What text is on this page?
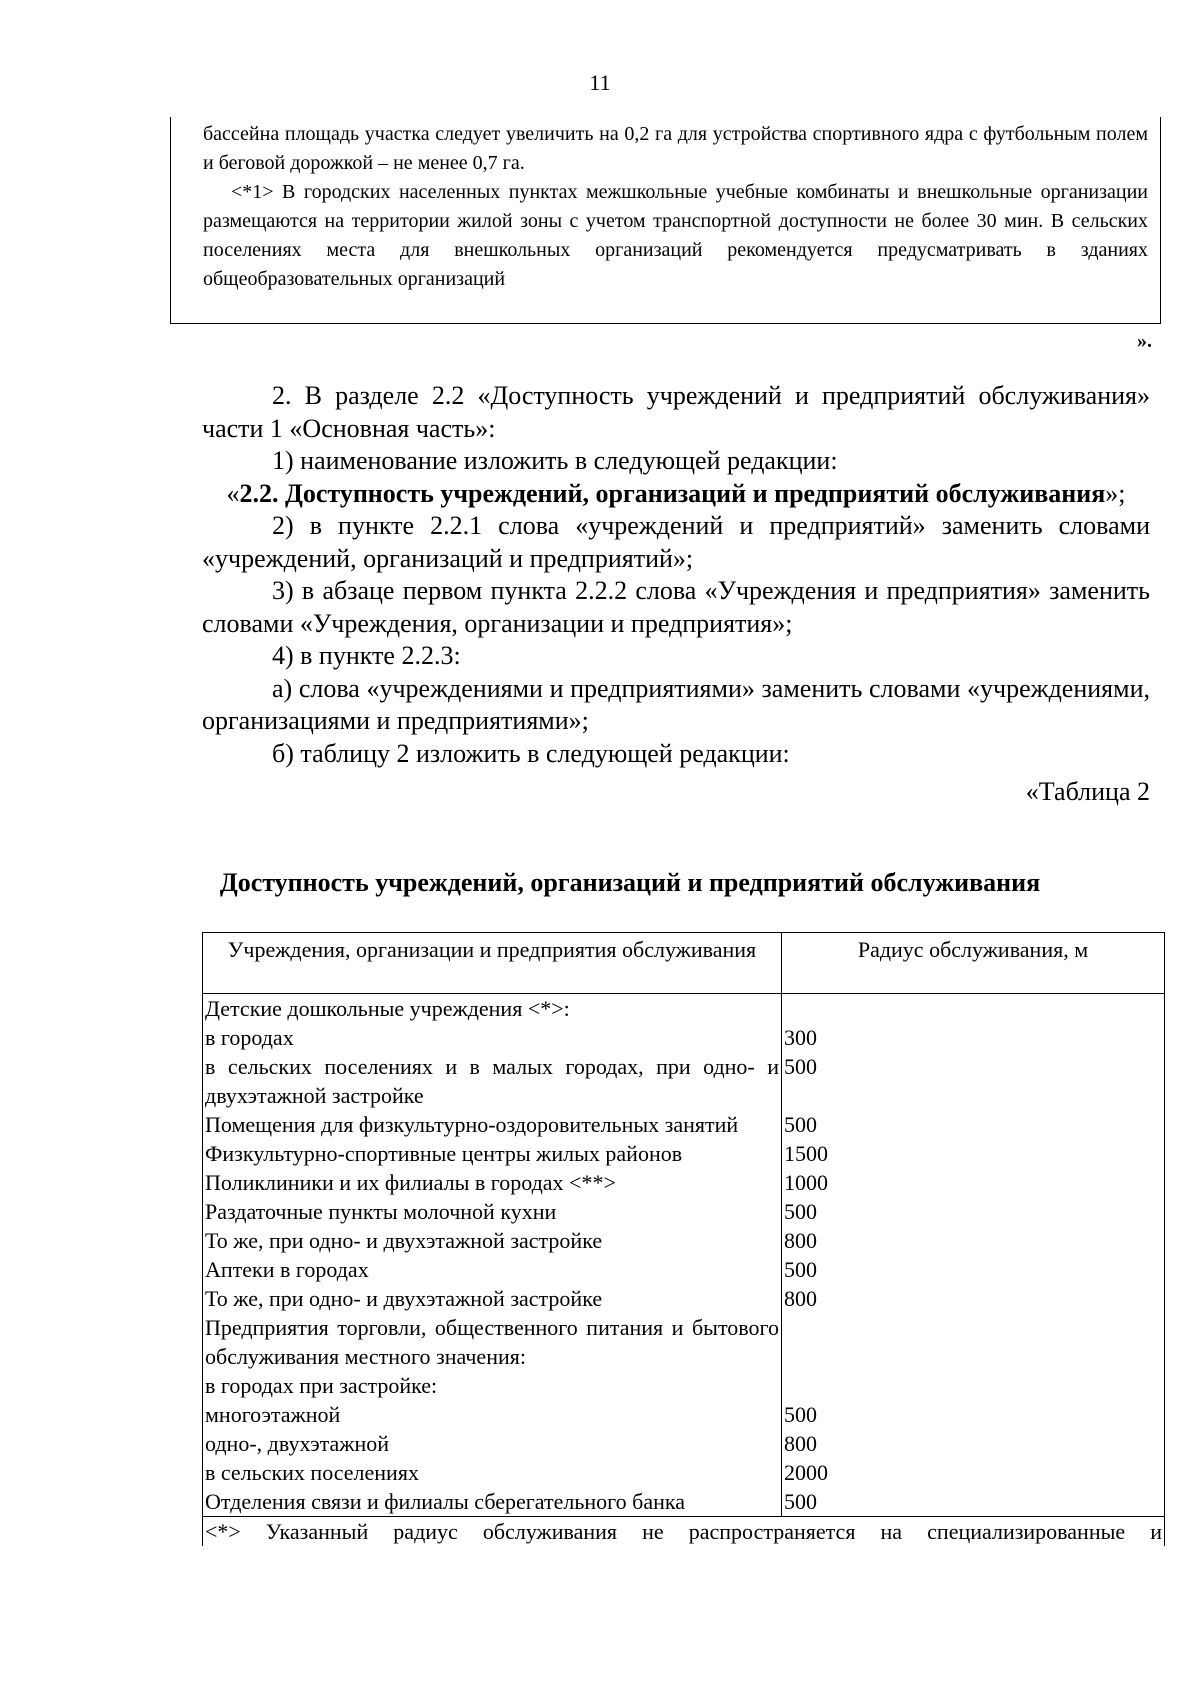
11

бассейна площадь участка следует увеличить на 0,2 га для устройства спортивного ядра с футбольным полем и беговой дорожкой – не менее 0,7 га.

<*1> В городских населенных пунктах межшкольные учебные комбинаты и внешкольные организации размещаются на территории жилой зоны с учетом транспортной доступности не более 30 мин. В сельских поселениях места для внешкольных организаций рекомендуется предусматривать в зданиях общеобразовательных организаций

».

2. В разделе 2.2 «Доступность учреждений и предприятий обслуживания» части 1 «Основная часть»:

1) наименование изложить в следующей редакции:

«2.2. Доступность учреждений, организаций и предприятий обслуживания»;

2) в пункте 2.2.1 слова «учреждений и предприятий» заменить словами «учреждений, организаций и предприятий»;

3) в абзаце первом пункта 2.2.2 слова «Учреждения и предприятия» заменить словами «Учреждения, организации и предприятия»;

4) в пункте 2.2.3:

а) слова «учреждениями и предприятиями» заменить словами «учреждениями, организациями и предприятиями»;

б) таблицу 2 изложить в следующей редакции:

«Таблица 2

Доступность учреждений, организаций и предприятий обслуживания
Учреждения, организации и предприятия обслуживания	Радиус обслуживания, м
Детские дошкольные учреждения <*>:	
в городах	300
в сельских поселениях и в малых городах, при одно- и двухэтажной застройке	500
Помещения для физкультурно-оздоровительных занятий	500
Физкультурно-спортивные центры жилых районов	1500
Поликлиники и их филиалы в городах <**>	1000
Раздаточные пункты молочной кухни	500
То же, при одно- и двухэтажной застройке	800
Аптеки в городах	500
То же, при одно- и двухэтажной застройке	800
Предприятия торговли, общественного питания и бытового обслуживания местного значения:	
в городах при застройке:	
многоэтажной	500
одно-, двухэтажной	800
в сельских поселениях	2000
Отделения связи и филиалы сберегательного банка	500
<*> Указанный радиус обслуживания не распространяется на специализированные и	
